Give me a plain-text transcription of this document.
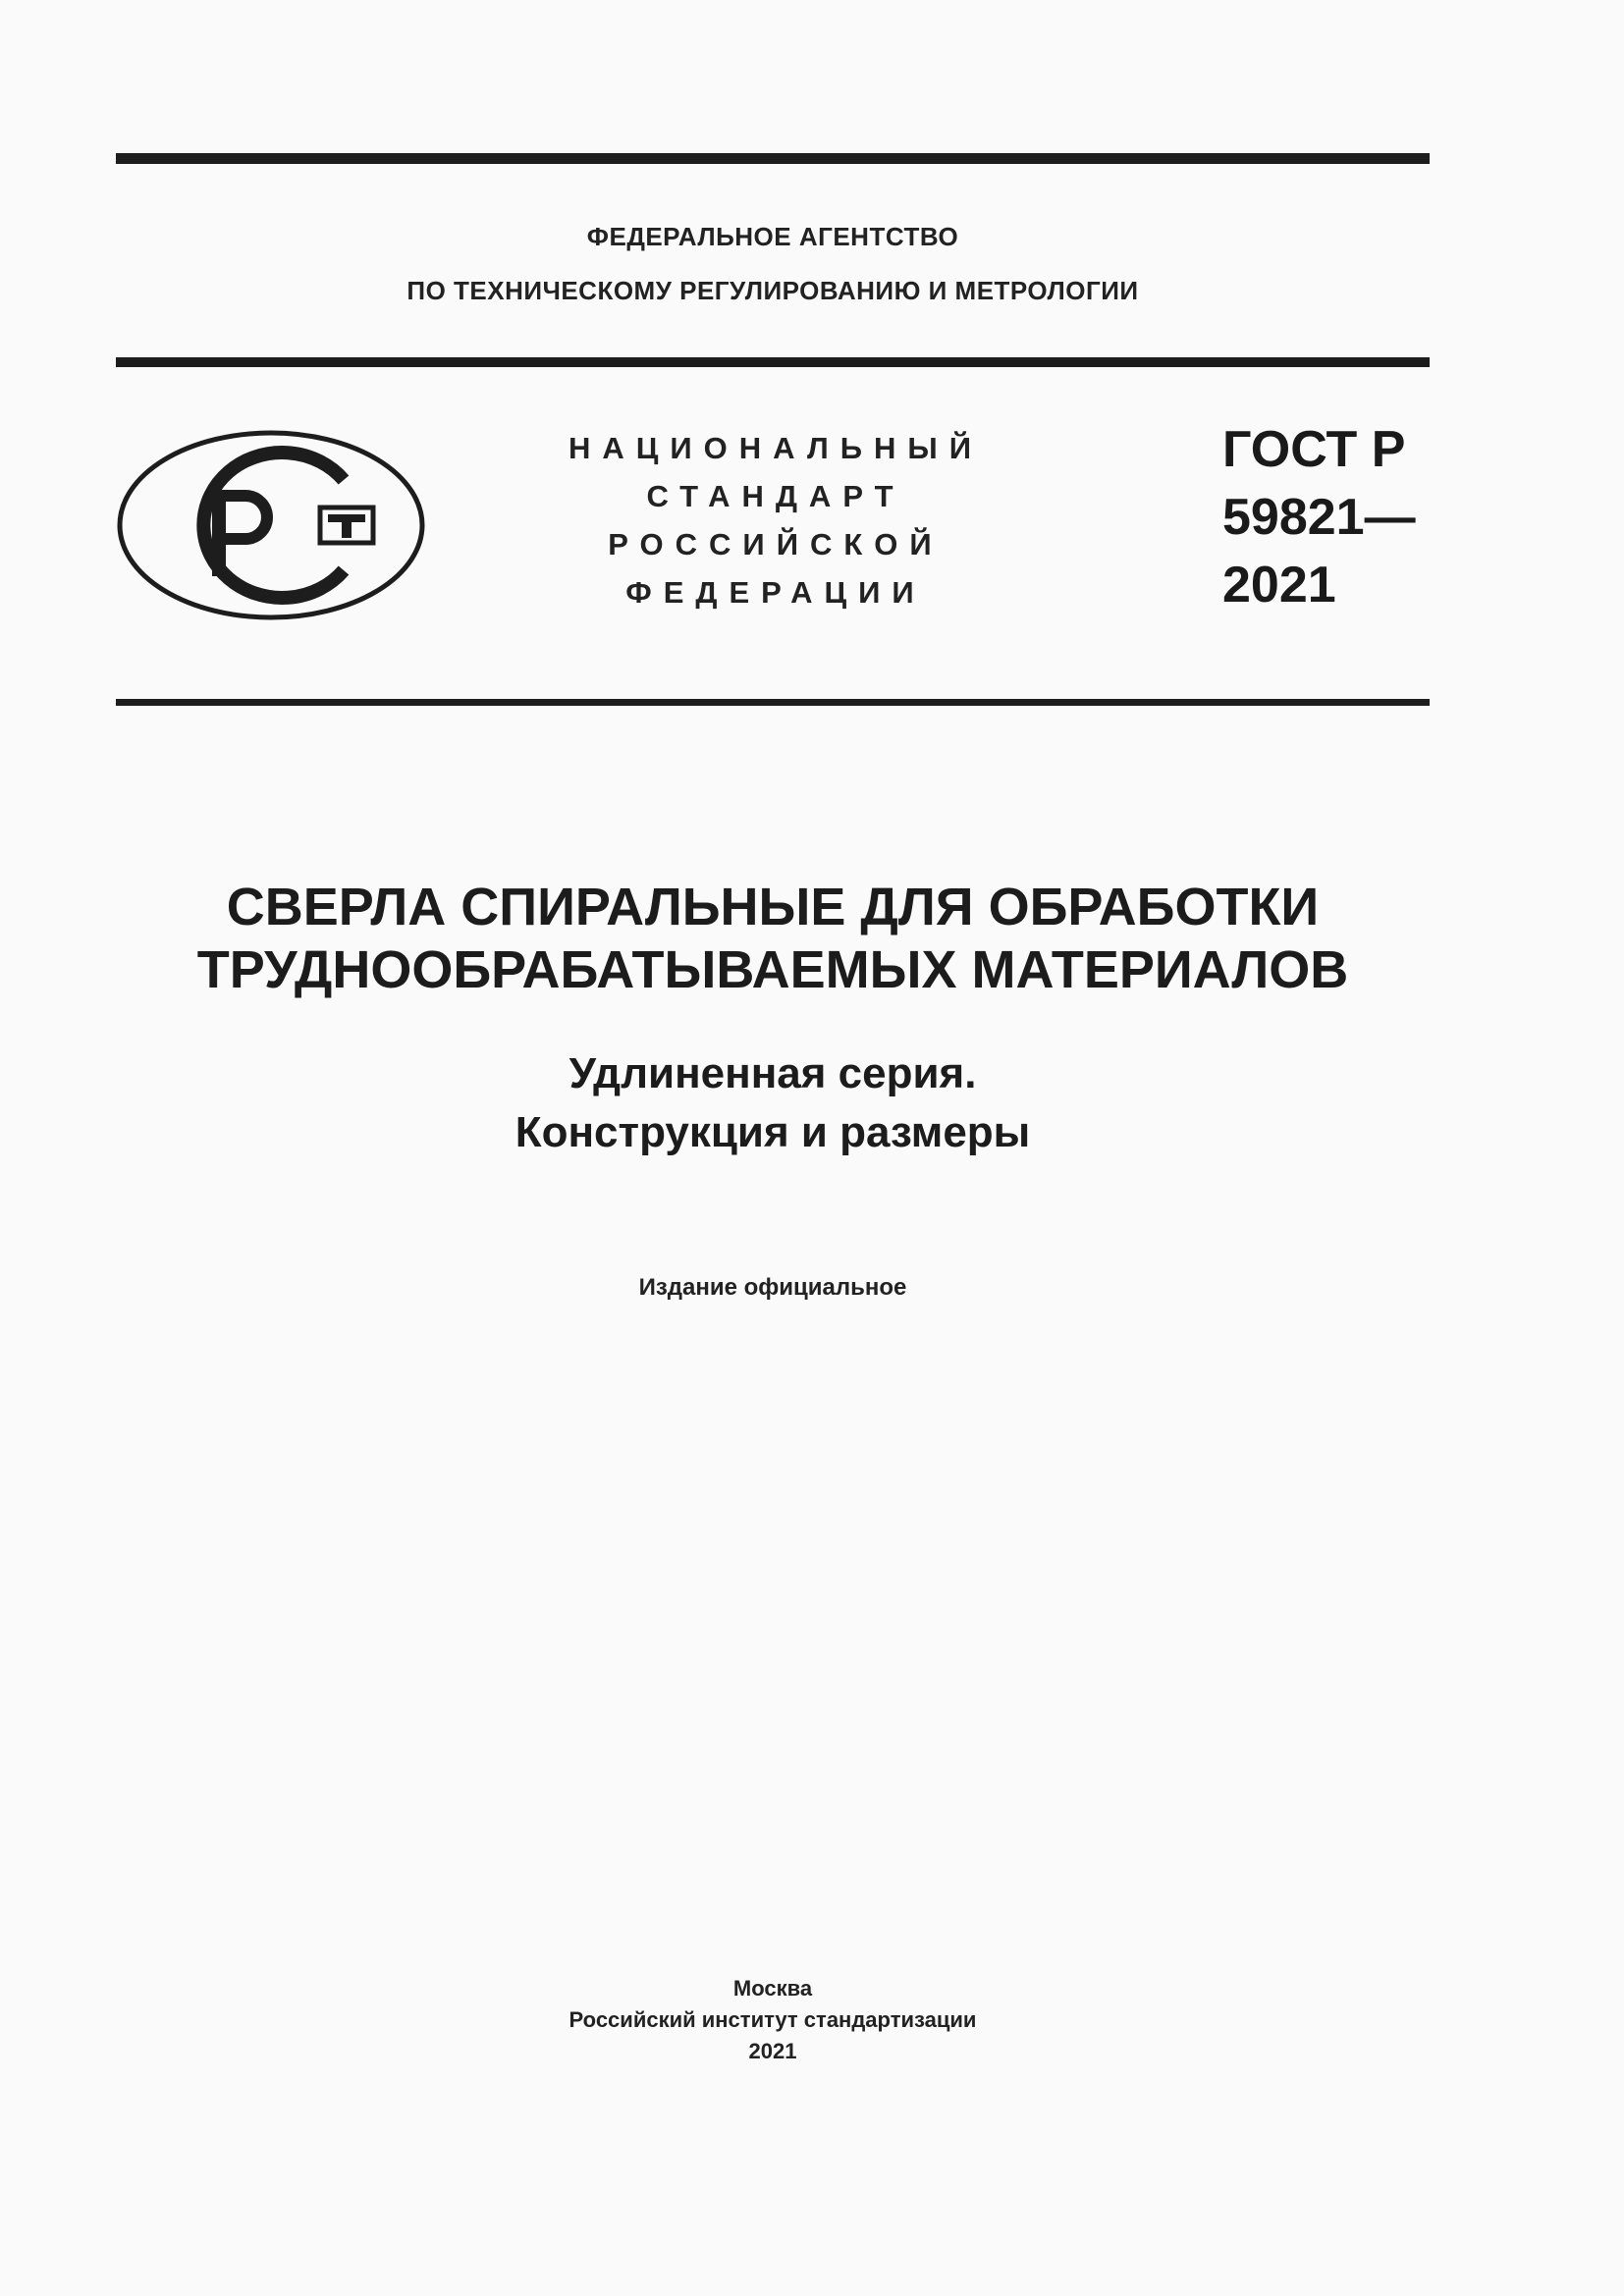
ФЕДЕРАЛЬНОЕ АГЕНТСТВО
ПО ТЕХНИЧЕСКОМУ РЕГУЛИРОВАНИЮ И МЕТРОЛОГИИ
НАЦИОНАЛЬНЫЙ
СТАНДАРТ
РОССИЙСКОЙ
ФЕДЕРАЦИИ
ГОСТ Р
59821—
2021
СВЕРЛА СПИРАЛЬНЫЕ ДЛЯ ОБРАБОТКИ
ТРУДНООБРАБАТЫВАЕМЫХ МАТЕРИАЛОВ
Удлиненная серия.
Конструкция и размеры
Издание официальное
Москва
Российский институт стандартизации
2021
